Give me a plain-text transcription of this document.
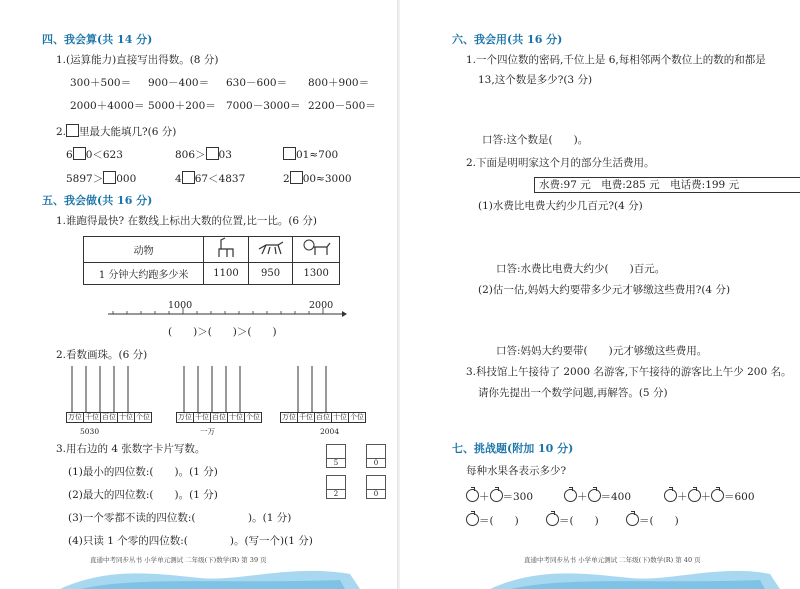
四、我会算(共 14 分)
1.(运算能力)直接写出得数。(8 分)
300＋500＝ 900－400＝ 630－600＝ 800＋900＝
2000＋4000＝ 5000＋200＝ 7000－3000＝ 2200－500＝
2. 里最大能填几?(6 分)
6 0＜623	806＞ 03	01≈700
5897＞ 000	4 67＜4837	2 00≈3000
五、我会做(共 16 分)
1.谁跑得最快? 在数线上标出大数的位置,比一比。(6 分)
动物			
1 分钟大约跑多少米	1100	950	1300
1000	2000
(　　)＞(　　)＞(　　)
2.看数画珠。(6 分)
万位 千位 百位 十位 个位	万位 千位 百位 十位 个位	万位 千位 百位 十位 个位
5030	一万	2004
3.用右边的 4 张数字卡片写数。
(1)最小的四位数:(　　)。(1 分)
(2)最大的四位数:(　　)。(1 分)
(3)一个零都不读的四位数:(　　　　　)。(1 分)
(4)只读 1 个零的四位数:(　　　　)。(写一个)(1 分)
5	0
2	0
直通中考同步丛书 小学单元测试 二年级(下)数学(R) 第 39 页
六、我会用(共 16 分)
1.一个四位数的密码,千位上是 6,每相邻两个数位上的数的和都是
13,这个数是多少?(3 分)
口答:这个数是(　　)。
2.下面是明明家这个月的部分生活费用。
水费:97 元　电费:285 元　电话费:199 元
(1)水费比电费大约少几百元?(4 分)
口答:水费比电费大约少(　　)百元。
(2)估一估,妈妈大约要带多少元才够缴这些费用?(4 分)
口答:妈妈大约要带(　　)元才够缴这些费用。
3.科技馆上午接待了 2000 名游客,下午接待的游客比上午少 200 名。
请你先提出一个数学问题,再解答。(5 分)
七、挑战题(附加 10 分)
每种水果各表示多少?
＋ ＝300	＋ ＝400	＋ ＋ ＝600
＝(　　)	＝(　　)	＝(　　)
直通中考同步丛书 小学单元测试 二年级(下)数学(R) 第 40 页
